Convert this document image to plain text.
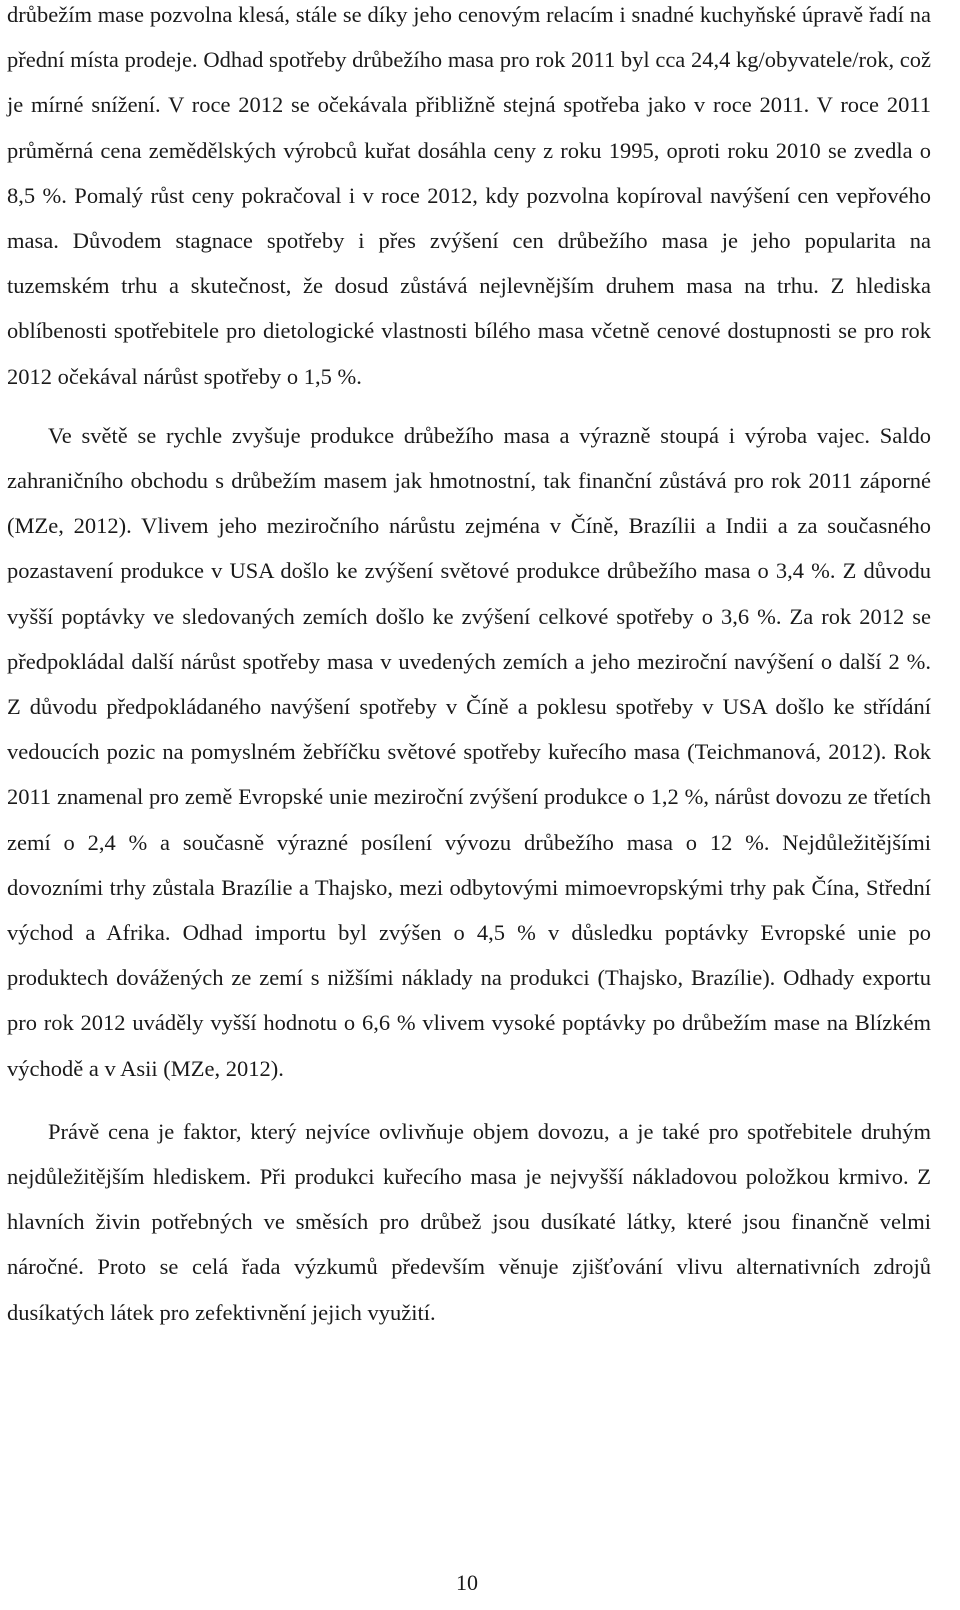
drůbežím mase pozvolna klesá, stále se díky jeho cenovým relacím i snadné kuchyňské úpravě řadí na přední místa prodeje. Odhad spotřeby drůbežího masa pro rok 2011 byl cca 24,4 kg/obyvatele/rok, což je mírné snížení. V roce 2012 se očekávala přibližně stejná spotřeba jako v roce 2011. V roce 2011 průměrná cena zemědělských výrobců kuřat dosáhla ceny z roku 1995, oproti roku 2010 se zvedla o 8,5 %. Pomalý růst ceny pokračoval i v roce 2012, kdy pozvolna kopíroval navýšení cen vepřového masa. Důvodem stagnace spotřeby i přes zvýšení cen drůbežího masa je jeho popularita na tuzemském trhu a skutečnost, že dosud zůstává nejlevnějším druhem masa na trhu. Z hlediska oblíbenosti spotřebitele pro dietologické vlastnosti bílého masa včetně cenové dostupnosti se pro rok 2012 očekával nárůst spotřeby o 1,5 %.

Ve světě se rychle zvyšuje produkce drůbežího masa a výrazně stoupá i výroba vajec. Saldo zahraničního obchodu s drůbežím masem jak hmotnostní, tak finanční zůstává pro rok 2011 záporné (MZe, 2012). Vlivem jeho meziročního nárůstu zejména v Číně, Brazílii a Indii a za současného pozastavení produkce v USA došlo ke zvýšení světové produkce drůbežího masa o 3,4 %. Z důvodu vyšší poptávky ve sledovaných zemích došlo ke zvýšení celkové spotřeby o 3,6 %. Za rok 2012 se předpokládal další nárůst spotřeby masa v uvedených zemích a jeho meziroční navýšení o další 2 %. Z důvodu předpokládaného navýšení spotřeby v Číně a poklesu spotřeby v USA došlo ke střídání vedoucích pozic na pomyslném žebříčku světové spotřeby kuřecího masa (Teichmanová, 2012). Rok 2011 znamenal pro země Evropské unie meziroční zvýšení produkce o 1,2 %, nárůst dovozu ze třetích zemí o 2,4 % a současně výrazné posílení vývozu drůbežího masa o 12 %. Nejdůležitějšími dovozními trhy zůstala Brazílie a Thajsko, mezi odbytovými mimoevropskými trhy pak Čína, Střední východ a Afrika. Odhad importu byl zvýšen o 4,5 % v důsledku poptávky Evropské unie po produktech dovážených ze zemí s nižšími náklady na produkci (Thajsko, Brazílie). Odhady exportu pro rok 2012 uváděly vyšší hodnotu o 6,6 % vlivem vysoké poptávky po drůbežím mase na Blízkém východě a v Asii (MZe, 2012).

Právě cena je faktor, který nejvíce ovlivňuje objem dovozu, a je také pro spotřebitele druhým nejdůležitějším hlediskem. Při produkci kuřecího masa je nejvyšší nákladovou položkou krmivo. Z hlavních živin potřebných ve směsích pro drůbež jsou dusíkaté látky, které jsou finančně velmi náročné. Proto se celá řada výzkumů především věnuje zjišťování vlivu alternativních zdrojů dusíkatých látek pro zefektivnění jejich využití.

10
